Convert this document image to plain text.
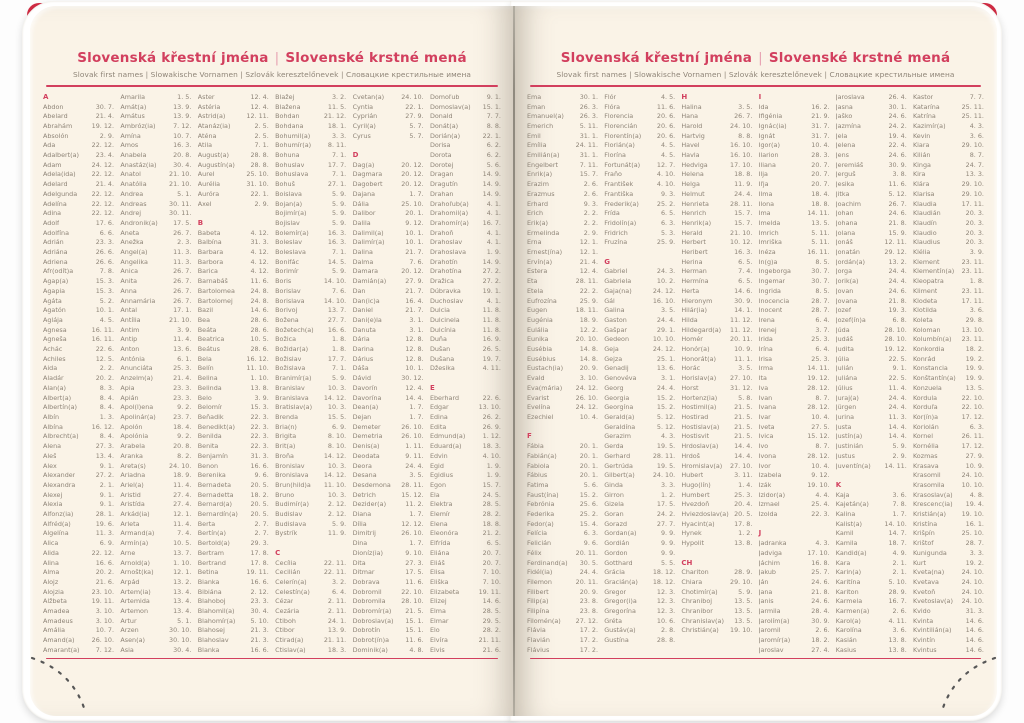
Slovenská křestní jména | Slovenské krstné mená
Slovak first names | Slowakische Vornamen | Szlovák keresztelőnevek | Словацкие крестильные имена
A
Abdon	30. 7.
Abelard	21. 4.
Abrahám	19. 12.
Absolón	2. 9.
Ada	22. 12.
Adalbert(a)	23. 4.
Adam	24. 12.
Adela(ida)	22. 12.
Adelard	21. 4.
Adelgunda	22. 12.
Adelína	22. 12.
Adina	22. 12.
Adolf	17. 6.
Adolfína	6. 6.
Adrián	23. 3.
Adriána	26. 6.
Adriena	26. 6.
Afr(odít)a	7. 8.
Agap(a)	15. 3.
Agapia	15. 3.
Agáta	5. 2.
Agatón	10. 1.
Aglája	4. 5.
Agnesa	16. 11.
Agneša	16. 11.
Achác	22. 6.
Achiles	12. 5.
Aida	2. 2.
Aladár	20. 2.
Alan(a)	8. 3.
Albert(a)	8. 4.
Albertín(a)	8. 4.
Albín	1. 3.
Albína	16. 12.
Albrecht(a)	8. 4.
Alena	27. 3.
Aleš	13. 4.
Alex	9. 1.
Alexander	27. 2.
Alexandra	2. 1.
Alexej	9. 1.
Alexia	9. 1.
Alfonz(ia)	28. 1.
Alfréd(a)	19. 6.
Algelína	11. 3.
Alica	6. 9.
Alida	22. 12.
Alina	16. 6.
Alma	20. 2.
Alojz	21. 6.
Alojzia	23. 10.
Alžbeta	19. 11.
Amadea	3. 10.
Amadeus	3. 10.
Amália	10. 7.
Amand(a)	26. 10.
Amarant(a)	7. 12.
Amarila	1. 5.
Amát(a)	13. 9.
Amátus	13. 9.
Ambróz(ia)	7. 12.
Amína	10. 7.
Amos	16. 3.
Anabela	20. 8.
Anastáz(ia)	30. 4.
Anatol	21. 10.
Anatólia	21. 10.
Andrea	5. 1.
Andreas	30. 11.
Andrej	30. 11.
Andronik(a)	17. 5.
Aneta	26. 7.
Anežka	2. 3.
Angel(a)	11. 3.
Angelika	11. 3.
Anica	26. 7.
Anita	26. 7.
Anna	26. 7.
Annamária	26. 7.
Antal	17. 1.
Antília	21. 10.
Antim	3. 9.
Antip	11. 4.
Anton	13. 6.
Antónia	6. 1.
Anunciáta	25. 3.
Anzelm(a)	21. 4.
Apia	23. 3.
Apián	23. 3.
Apol(l)ena	9. 2.
Apolinár(a)	23. 7.
Apolón	18. 4.
Apolónia	9. 2.
Arabela	20. 8.
Aranka	8. 2.
Areta(s)	24. 10.
Ariadna	18. 9.
Ariel(a)	11. 4.
Aristid	27. 4.
Aristída	27. 4.
Arkád(ia)	12. 1.
Arleta	11. 4.
Armand(a)	7. 4.
Armín(a)	10. 5.
Arne	13. 7.
Arnold(a)	1. 10.
Arnošt(ka)	12. 1.
Arpád	13. 2.
Artem(ia)	13. 4.
Artemida	13. 4.
Artemon	13. 4.
Artur	5. 1.
Arzen	30. 10.
Asen(a)	30. 10.
Asia	30. 4.
Aster	12. 4.
Astéria	12. 4.
Astrid(a)	12. 11.
Atanáz(ia)	2. 5.
Aténa	2. 5.
Atila	7. 1.
August(a)	28. 8.
Augustín(a)	28. 8.
Aurel	25. 10.
Aurélia	31. 10.
Auróra	22. 1.
Axel	2. 9.
B
Babeta	4. 12.
Balbína	31. 3.
Barbara	4. 12.
Barbora	4. 12.
Barica	4. 12.
Barnabáš	11. 6.
Bartolomea	24. 8.
Bartolomej	24. 8.
Bazil	14. 6.
Bea	28. 6.
Beáta	28. 6.
Beatrica	10. 5.
Beátus	28. 6.
Bela	16. 12.
Belín	11. 10.
Belina	1. 10.
Belinda	13. 8.
Belo	3. 9.
Belomír	15. 3.
Beňadik	22. 3.
Benedikt(a)	22. 3.
Benilda	22. 3.
Benita	22. 3.
Benjamín	31. 3.
Benon	16. 6.
Berenika	9. 6.
Bernadeta	20. 5.
Bernadetta	18. 2.
Bernard(a)	20. 5.
Bernardín(a)	20. 5.
Berta	2. 7.
Bertín(a)	2. 7.
Bertold(a)	29. 3.
Bertram	17. 8.
Bertrand	17. 8.
Betina	19. 11.
Bianka	16. 6.
Bibiána	2. 12.
Blahoboj	23. 3.
Blahomil(a)	30. 4.
Blahomír(a)	5. 10.
Blahosej	21. 3.
Blahoslav	21. 3.
Blanka	16. 6.
Blažej	3. 2.
Blažena	11. 5.
Bohdan	21. 12.
Bohdana	18. 1.
Bohumil(a)	3. 3.
Bohumír(a)	8. 11.
Bohuna	7. 1.
Bohuslav	17. 7.
Bohuslava	7. 1.
Bohuš	27. 1.
Boislava	5. 9.
Bojan(a)	5. 9.
Bojimír(a)	5. 9.
Bojislav	5. 9.
Bolemír(a)	16. 3.
Boleslav	16. 3.
Boleslava	7. 1.
Bonifác	14. 5.
Borimír	5. 9.
Boris	14. 10.
Borislav	7. 6.
Borislava	14. 10.
Borivoj	13. 7.
Božena	27. 7.
Božetech(a)	16. 6.
Božica	1. 8.
Božidar(a)	1. 8.
Božislav	17. 7.
Božislava	7. 1.
Branimír(a)	5. 9.
Branislav	10. 3.
Branislava	14. 12.
Bratislav(a)	10. 3.
Brenda	15. 5.
Bria(n)	6. 9.
Brigita	8. 10.
Brit(a)	8. 10.
Broňa	14. 12.
Bronislav	10. 3.
Bronislava	14. 12.
Brun(hild)a	11. 10.
Bruno	10. 3.
Budimír(a)	2. 12.
Budislav	2. 12.
Budislava	5. 9.
Bystrík	11. 9.
C
Cecília	22. 11.
Cecilián	22. 11.
Celerín(a)	3. 2.
Celestín(a)	6. 4.
Cézar	2. 11.
Cezária	2. 11.
Ctiboh	24. 1.
Ctibor	13. 9.
Ctirad(a)	21. 11.
Ctislav(a)	18. 3.
Cvetan(a)	24. 10.
Cyntia	22. 1.
Cyprián	27. 9.
Cyril(a)	5. 7.
Cyrus	5. 7.
D
Dag(a)	20. 12.
Dagmara	20. 12.
Dagobert	20. 12.
Dajana	1. 7.
Dália	25. 10.
Dalibor	20. 1.
Dalila	9. 12.
Dalimil(a)	10. 1.
Dalimír(a)	10. 1.
Dalina	21. 7.
Dalma	7. 6.
Damara	20. 12.
Damián(a)	27. 9.
Dan	21. 7.
Dan(ic)a	16. 4.
Daniel	21. 7.
Dani(e)la	3. 1.
Danuta	3. 1.
Dária	12. 8.
Darina	12. 8.
Dárius	12. 8.
Dáša	10. 1.
Dávid	30. 12.
Davorín	12. 4.
Davorína	14. 4.
Dean(a)	1. 7.
Dejan	1. 7.
Demeter	26. 10.
Demetria	26. 10.
Denis(a)	1. 11.
Deodata	9. 11.
Deora	24. 4.
Desana	3. 5.
Desdemona	28. 11.
Detrich	15. 12.
Dezider(a)	11. 2.
Diana	1. 7.
Dília	12. 12.
Dimitrij	26. 10.
Dina	1. 7.
Dioníz(ia)	9. 10.
Dita	27. 3.
Ditmar	17. 5.
Dobrava	11. 6.
Dobromil	22. 10.
Dobromila	28. 10.
Dobromír(a)	21. 5.
Dobroslav(a)	15. 1.
Dobrotín	15. 1.
Dobrot(ín)a	11. 6.
Dominik(a)	4. 8.
Domoľub	9. 1.
Domoslav(a)	15. 1.
Donald	7. 7.
Donát(a)	8. 8.
Dorián(a)	22. 1.
Dorisa	6. 2.
Dorota	6. 2.
Dorotej	5. 6.
Dragan	14. 9.
Dragutín	14. 9.
Drahan	14. 9.
Drahoľub(a)	4. 1.
Drahomil(a)	4. 1.
Drahomír(a)	16. 7.
Drahoň	4. 1.
Drahoslav	4. 1.
Drahoslava	1. 9.
Drahotín	14. 9.
Drahotína	27. 2.
Dražica	27. 2.
Dúbravka	19. 1.
Duchoslav	4. 1.
Dulcia	11. 8.
Dulcinela	11. 8.
Dulcínia	11. 8.
Duňa	16. 9.
Dušan	26. 5.
Dušana	19. 7.
Džesika	4. 11.
E
Eberhard	22. 6.
Edgar	13. 10.
Edina	26. 2.
Edita	26. 9.
Edmund(a)	1. 12.
Eduard(a)	18. 3.
Edvin	4. 10.
Egid	1. 9.
Egidius	1. 9.
Egon	15. 7.
Ela	24. 5.
Elektra	28. 5.
Elemír	28. 2.
Elena	18. 8.
Eleonóra	21. 2.
Elfrída	6. 5.
Eliána	20. 7.
Eliáš	20. 7.
Elisa	7. 10.
Eliška	7. 10.
Elizabeta	19. 11.
Elizej	14. 6.
Elma	28. 5.
Elmar	29. 5.
Elo	28. 2.
Elvíra	21. 11.
Elvis	21. 6.
Slovenská křestní jména | Slovenské krstné mená
Slovak first names | Slowakische Vornamen | Szlovák keresztelőnevek | Словацкие крестильные имена
Ema	30. 1.
Eman	26. 3.
Emanuel(a)	26. 3.
Emerich	5. 11.
Emil	31. 1.
Emília	24. 11.
Emilián(a)	31. 1.
Engelbert	7. 11.
Enrik(a)	15. 7.
Erazim	2. 6.
Erazmus	2. 6.
Erhard	9. 3.
Erich	2. 2.
Erik(a)	2. 2.
Ermelinda	2. 9.
Erna	12. 1.
Ernest(ína)	12. 1.
Ervín(a)	21. 4.
Estera	12. 4.
Eta	28. 11.
Etela	22. 2.
Eufrozína	25. 9.
Eugen	18. 11.
Eugénia	18. 9.
Eulália	12. 2.
Eunika	20. 10.
Eusébia	14. 8.
Eusébius	14. 8.
Eustach(ia)	20. 9.
Evald	3. 10.
Eva(mária)	24. 12.
Evarist	26. 10.
Evelína	24. 12.
Ezechiel	10. 4.
F
Fábia	20. 1.
Fabián(a)	20. 1.
Fabiola	20. 1.
Fábius	20. 1.
Fatima	5. 6.
Faust(ína)	15. 2.
Febrónia	25. 6.
Federika	25. 2.
Fedor(a)	15. 4.
Felícia	6. 3.
Felicián	9. 6.
Félix	20. 11.
Ferdinand(a)	30. 5.
Fidél(ia)	24. 4.
Filemon	20. 11.
Filibert	20. 9.
Filip(a)	23. 8.
Filipína	23. 8.
Filomén(a)	27. 12.
Flávia	17. 2.
Flavián	17. 2.
Flávius	17. 2.
Flór	4. 5.
Flóra	11. 6.
Florencia	20. 6.
Florencián	20. 6.
Florentín(a)	20. 6.
Florián(a)	4. 5.
Florína	4. 5.
Fortunát(a)	12. 7.
Fraňo	4. 10.
František	4. 10.
Františka	9. 3.
Frederik(a)	25. 2.
Frída	6. 5.
Fridolín(a)	6. 3.
Fridrich	5. 3.
Fruzína	25. 9.
G
Gabriel	24. 3.
Gabriela	10. 2.
Gaja(na)	24. 12.
Gál	16. 10.
Galina	3. 5.
Gaston	24. 4.
Gašpar	29. 1.
Gedeon	10. 10.
Geja	24. 12.
Gejza	25. 1.
Genadij	13. 6.
Genovéva	3. 1.
Georg	24. 4.
Georgia	15. 2.
Georgína	15. 2.
Gerald(a)	5. 12.
Geraldína	5. 12.
Gerazim	4. 3.
Gerda	19. 5.
Gerhard	28. 11.
Gertrúda	19. 5.
Gilbert(a)	24. 10.
Ginda	3. 3.
Girron	1. 2.
Gizela	17. 5.
Goran	24. 2.
Gorazd	27. 7.
Gordan(a)	9. 9.
Gordián	9. 9.
Gordon	9. 9.
Gotthard	5. 5.
Grácia	18. 12.
Gracián(a)	18. 12.
Gregor	12. 3.
Gregor(i)a	12. 3.
Gregorína	12. 3.
Gréta	10. 6.
Gustáv(a)	2. 8.
Gustína	28. 8.
H
Halina	3. 5.
Hana	26. 7.
Harold	24. 10.
Hartvig	8. 8.
Havel	16. 10.
Havla	16. 10.
Hedviga	17. 10.
Helena	18. 8.
Helga	11. 9.
Helmut	24. 4.
Henrieta	28. 11.
Henrich	15. 7.
Henrik(a)	15. 7.
Herald	21. 10.
Herbert	10. 12.
Heribert	16. 3.
Herina	6. 5.
Herman	7. 4.
Hermína	6. 5.
Herta	14. 6.
Hieronym	30. 9.
Hilár(ia)	14. 1.
Hilda	11. 12.
Hildegard(a)	11. 12.
Homér	20. 11.
Honór(a)	10. 9.
Honorát(a)	11. 1.
Horác	3. 5.
Horislav(a)	27. 10.
Horst	31. 12.
Hortenz(ia)	5. 8.
Hostimil(a)	21. 5.
Hostirad	21. 5.
Hostislav(a)	21. 5.
Hostisvit	21. 5.
Hrdoslav(a)	14. 4.
Hrdoš	14. 4.
Hromislav(a)	27. 10.
Hubert	3. 11.
Hugo(lín)	1. 4.
Humbert	25. 3.
Hvezdoň	20. 4.
Hviezdoslav(a) 20. 5.
Hyacint(a)	17. 8.
Hynek	1. 2.
Hypolit	13. 8.
CH
Chariton	28. 9.
Chiara	29. 10.
Chotimír(a)	5. 9.
Chraniboj	13. 5.
Chranibor	13. 5.
Chranislav(a)	13. 5.
Christián(a)	19. 10.
I
Ida	16. 2.
Ifigénia	21. 9.
Ignác(ia)	31. 7.
Ignát	31. 7.
Igor(a)	10. 4.
Ilarion	28. 3.
Iliana	20. 7.
Ilja	20. 7.
Iľja	20. 7.
Ilma	18. 4.
Ilona	18. 8.
Ima	14. 11.
Imelda	13. 5.
Imrich	5. 11.
Imriška	5. 11.
Inéza	16. 11.
In(g)a	8. 5.
Ingeborga	30. 7.
Ingemar	30. 7.
Ingrida	8. 5.
Inocencia	28. 7.
Inocent	28. 7.
Irena	6. 4.
Irenej	3. 7.
Irida	25. 3.
Irína	6. 4.
Irisa	25. 3.
Irma	14. 11.
Ita	19. 12.
Iva	28. 12.
Ivan	8. 7.
Ivana	28. 12.
Ivar	10. 4.
Iveta	27. 5.
Ivica	15. 12.
Ivo	8. 7.
Ivona	28. 12.
Ivor	10. 4.
Izabela	9. 12.
Izák	19. 10.
Izidor(a)	4. 4.
Izmael	25. 4.
Izolda	22. 3.
J
Jadranka	4. 3.
Jadviga	17. 10.
Jáchim	16. 8.
Jakub	25. 7.
Ján	24. 6.
Jana	21. 8.
Janis	24. 6.
Jarmila	28. 4.
Jarolím(a)	30. 9.
Jaromil	2. 6.
Jaromír(a)	18. 2.
Jaroslav	27. 4.
Jaroslava	26. 4.
Jasna	30. 1.
Jaško	24. 6.
Jazmína	24. 2.
Jela	19. 4.
Jelena	22. 4.
Jens	24. 6.
Jeremiáš	30. 9.
Jerguš	3. 8.
Jesika	11. 6.
Jitka	5. 12.
Joachim	26. 7.
Johan	24. 6.
Johana	21. 8.
Jolana	15. 9.
Jonáš	12. 11.
Jonatán	29. 12.
Jordán(a)	13. 2.
Jorga	24. 4.
Jorik(a)	24. 4.
Jovan	24. 6.
Jovana	21. 8.
Jozef	19. 3.
Jozef(ín)a	6. 8.
Júda	28. 10.
Judáš	28. 10.
Judita	19. 12.
Júlia	22. 5.
Julián	9. 1.
Juliána	22. 5.
Július	11. 4.
Juraj(a)	24. 4.
Jürgen	24. 4.
Jurina	11. 3.
Justa	14. 4.
Justín(a)	14. 4.
Justinián	5. 9.
Justus	2. 9.
Juventín(a)	14. 11.
K
Kaja	3. 6.
Kajetán(a)	7. 8.
Kalina	1. 7.
Kalist(a)	14. 10.
Kamil	14. 7.
Kamila	18. 7.
Kandid(a)	4. 9.
Kara	2. 1.
Karin(a)	2. 1.
Karitína	5. 10.
Kariton	28. 9.
Karmela	16. 7.
Karmen(a)	2. 6.
Karol(a)	4. 11.
Karolína	3. 6.
Kasián	13. 8.
Kasius	13. 8.
Kastor	7. 7.
Katarína	25. 11.
Katrína	25. 11.
Kazimír(a)	4. 3.
Kevin	3. 6.
Kiara	29. 10.
Kilián	8. 7.
Kinga	24. 7.
Kira	13. 3.
Klára	29. 10.
Klarisa	29. 10.
Klaudia	17. 11.
Klaudián	20. 3.
Klaudín	20. 3.
Klaudio	20. 3.
Klaudius	20. 3.
Klélia	3. 9.
Klement	23. 11.
Klementín(a)	23. 11.
Kleopatra	1. 8.
Kliment	23. 11.
Klodeta	17. 11.
Klotilda	3. 6.
Koleta	29. 8.
Koloman	13. 10.
Kolumbín(a)	23. 11.
Konkordia	18. 2.
Konrád	19. 2.
Konstancia	19. 9.
Konštantín(a)	19. 9.
Konzuela	13. 5.
Kordula	22. 10.
Korduľa	22. 10.
Kor(ín)a	17. 12.
Koriolán	6. 3.
Kornel	26. 11.
Kornélia	17. 12.
Kozmas	27. 9.
Krasava	10. 9.
Krasomil	24. 10.
Krasomila	10. 10.
Krasoslav(a)	4. 8.
Krescenc(ia)	19. 4.
Kristián(a)	19. 10.
Kristína	16. 1.
Krišpín	25. 10.
Krištof	28. 7.
Kunigunda	3. 3.
Kurt	19. 2.
Kveta(na)	24. 10.
Kvetava	24. 10.
Kvetoň	24. 10.
Kvetoslav(a)	24. 10.
Kvido	31. 3.
Kvinta	14. 6.
Kvintilián(a)	14. 6.
Kvintín	14. 6.
Kvintus	14. 6.
